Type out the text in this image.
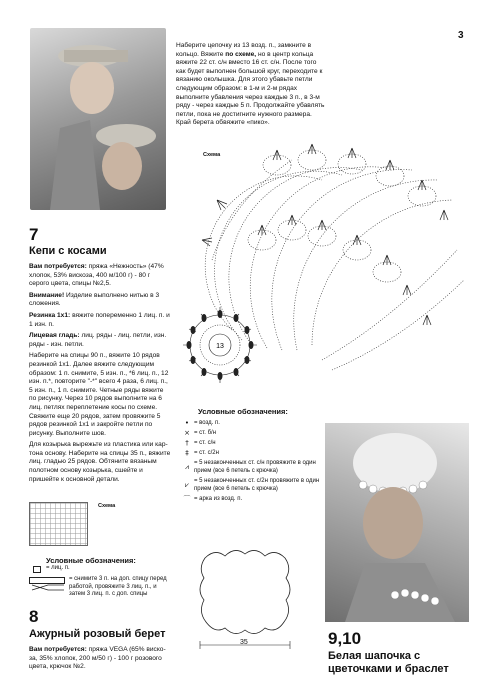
3
7
Кепи с косами

Вам потребуется: пряжа «Нежность» (47% хлопок, 53% вискоза, 400 м/100 г) - 80 г серого цвета, спицы №2,5.

Внимание! Изделие выполнено нитью в 3 сложения.

Резинка 1х1: вяжите попеременно 1 лиц. п. и 1 изн. п.

Лицевая гладь: лиц. ряды - лиц. петли, изн. ряды - изн. петли.

Наберите на спицы 90 п., вяжите 10 рядов резинкой 1х1. Далее вяжите следующим образом: 1 п. снимите, 5 изн. п., *6 лиц. п., 12 изн. п.*, повторите "-*" всего 4 раза, 6 лиц. п., 5 изн. п., 1 п. снимите. Четные ряды вяжите по рисунку. Через 10 рядов выполните на 6 лиц. петлях переплетение косы по схеме. Свяжите еще 20 рядов, затем провяжите 5 рядов резинкой 1х1 и закройте петли по рисунку. Выполните шов.

Для козырька вырежьте из пластика или картона основу. Наберите на спицы 35 п., вяжите лиц. гладью 25 рядов. Обтяните вязаным полотном основу козырька, сшейте и пришейте к основной детали.

Схема
Условные обозначения:
= лиц. п.
= снимите 3 п. на доп. спицу перед работой, провяжите 3 лиц. п., и затем 3 лиц. п. с доп. спицы
8
Ажурный розовый берет
Вам потребуется: пряжа VEGA (65% вискоза, 35% хлопок, 200 м/50 г) - 100 г розового цвета, крючок №2.
Наберите цепочку из 13 возд. п., замкните в кольцо. Вяжите по схеме, но в центр кольца вяжите 22 ст. с/н вместо 16 ст. с/н. После того как будет выполнен большой круг, переходите к вязанию околышка. Для этого убавьте петли следующим образом: в 1-м и 2-м рядах выполните убавления через каждые 3 п., в 3-м ряду - через каждые 5 п. Продолжайте убавлять петли, пока не достигните нужного размера. Край берета обвяжите «пико».
Схема
13
Условные обозначения:
• = возд. п.
× = ст. б/н
† = ст. с/н
‡ = ст. с/2н
⩘ = 5 незаконченных ст. с/н провяжите в один прием (все 6 петель с крючка)
⩗ = 5 незаконченных ст. с/2н провяжите в один прием (все 6 петель с крючка)
⌒ = арка из возд. п.
35	9,10
Белая шапочка с цветочками и браслет
